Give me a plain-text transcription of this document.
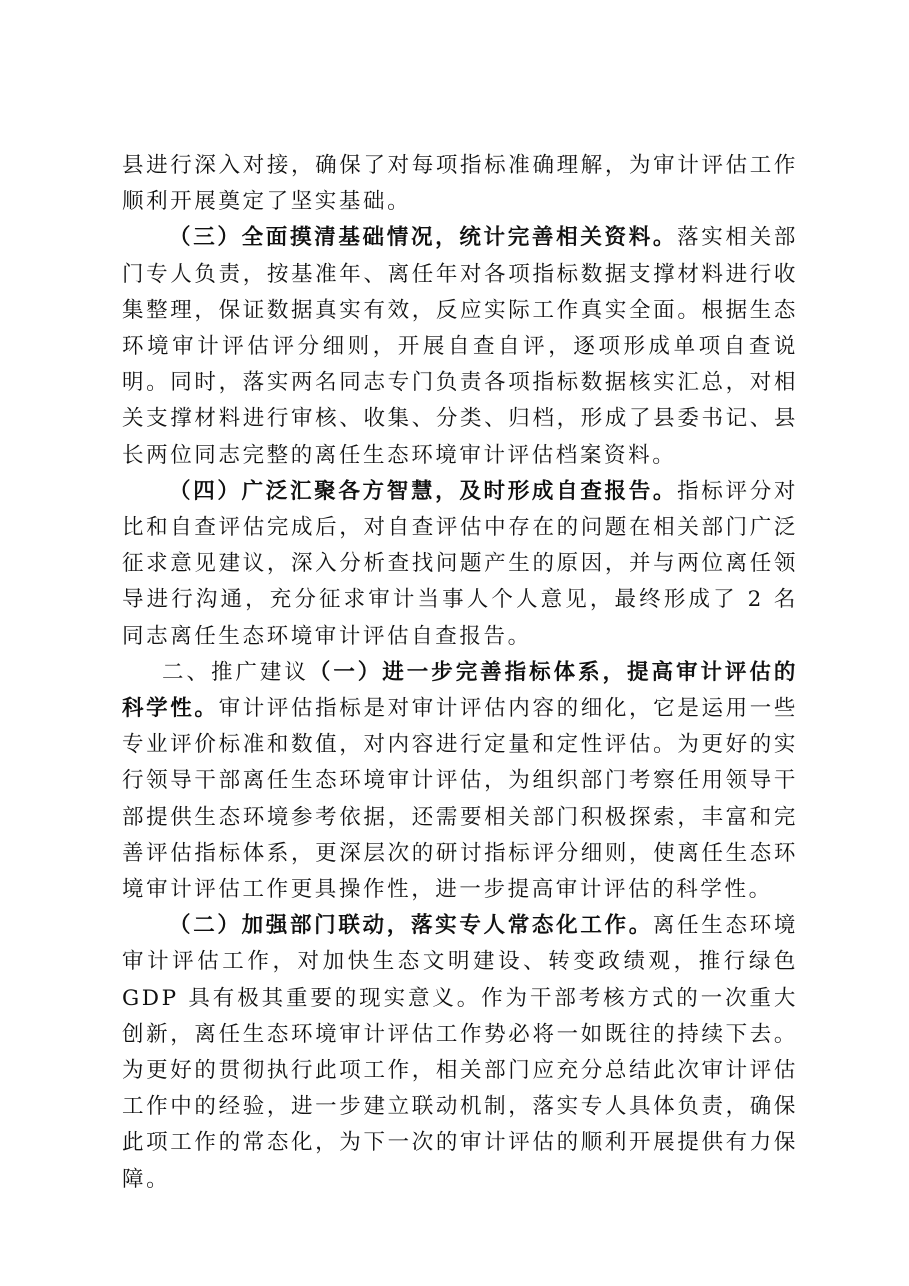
县进行深入对接，确保了对每项指标准确理解，为审计评估工作顺利开展奠定了坚实基础。

（三）全面摸清基础情况，统计完善相关资料。落实相关部门专人负责，按基准年、离任年对各项指标数据支撑材料进行收集整理，保证数据真实有效，反应实际工作真实全面。根据生态环境审计评估评分细则，开展自查自评，逐项形成单项自查说明。同时，落实两名同志专门负责各项指标数据核实汇总，对相关支撑材料进行审核、收集、分类、归档，形成了县委书记、县长两位同志完整的离任生态环境审计评估档案资料。

（四）广泛汇聚各方智慧，及时形成自查报告。指标评分对比和自查评估完成后，对自查评估中存在的问题在相关部门广泛征求意见建议，深入分析查找问题产生的原因，并与两位离任领导进行沟通，充分征求审计当事人个人意见，最终形成了 2 名同志离任生态环境审计评估自查报告。

二、推广建议（一）进一步完善指标体系，提高审计评估的科学性。审计评估指标是对审计评估内容的细化，它是运用一些专业评价标准和数值，对内容进行定量和定性评估。为更好的实行领导干部离任生态环境审计评估，为组织部门考察任用领导干部提供生态环境参考依据，还需要相关部门积极探索，丰富和完善评估指标体系，更深层次的研讨指标评分细则，使离任生态环境审计评估工作更具操作性，进一步提高审计评估的科学性。

（二）加强部门联动，落实专人常态化工作。离任生态环境审计评估工作，对加快生态文明建设、转变政绩观，推行绿色 GDP 具有极其重要的现实意义。作为干部考核方式的一次重大创新，离任生态环境审计评估工作势必将一如既往的持续下去。为更好的贯彻执行此项工作，相关部门应充分总结此次审计评估工作中的经验，进一步建立联动机制，落实专人具体负责，确保此项工作的常态化，为下一次的审计评估的顺利开展提供有力保障。
